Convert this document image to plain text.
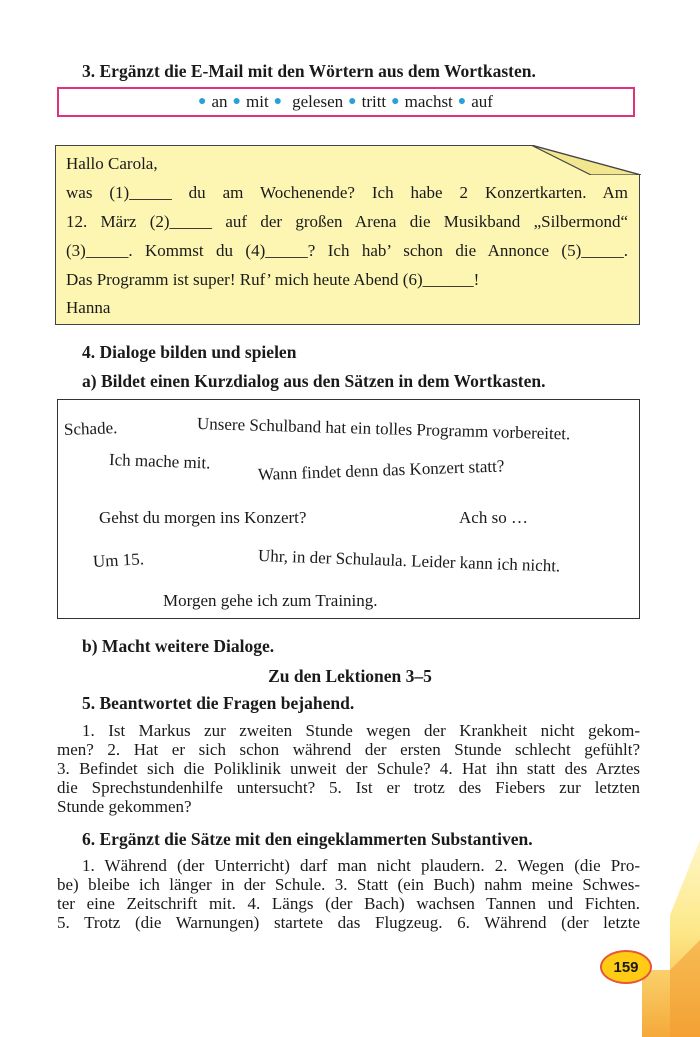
3. Ergänzt die E-Mail mit den Wörtern aus dem Wortkasten.
● an ● mit ● gelesen ● tritt ● machst ● auf
Hallo Carola,
was (1)_____ du am Wochenende? Ich habe 2 Konzertkarten. Am
12. März (2)_____ auf der großen Arena die Musikband „Silbermond“
(3)_____. Kommst du (4)_____? Ich hab’ schon die Annonce (5)_____.
Das Programm ist super! Ruf’ mich heute Abend (6)______!
Hanna
4. Dialoge bilden und spielen
a) Bildet einen Kurzdialog aus den Sätzen in dem Wortkasten.
Schade.	Unsere Schulband hat ein tolles Programm vorbereitet.
Ich mache mit.	Wann findet denn das Konzert statt?
Gehst du morgen ins Konzert?	Ach so …
Um 15.	Uhr, in der Schulaula. Leider kann ich nicht.
Morgen gehe ich zum Training.
b) Macht weitere Dialoge.
Zu den Lektionen 3–5
5. Beantwortet die Fragen bejahend.
1. Ist Markus zur zweiten Stunde wegen der Krankheit nicht gekom-
men? 2. Hat er sich schon während der ersten Stunde schlecht gefühlt?
3. Befindet sich die Poliklinik unweit der Schule? 4. Hat ihn statt des Arztes
die Sprechstundenhilfe untersucht? 5. Ist er trotz des Fiebers zur letzten
Stunde gekommen?
6. Ergänzt die Sätze mit den eingeklammerten Substantiven.
1. Während (der Unterricht) darf man nicht plaudern. 2. Wegen (die Pro-
be) bleibe ich länger in der Schule. 3. Statt (ein Buch) nahm meine Schwes-
ter eine Zeitschrift mit. 4. Längs (der Bach) wachsen Tannen und Fichten.
5. Trotz (die Warnungen) startete das Flugzeug. 6. Während (der letzte
159
